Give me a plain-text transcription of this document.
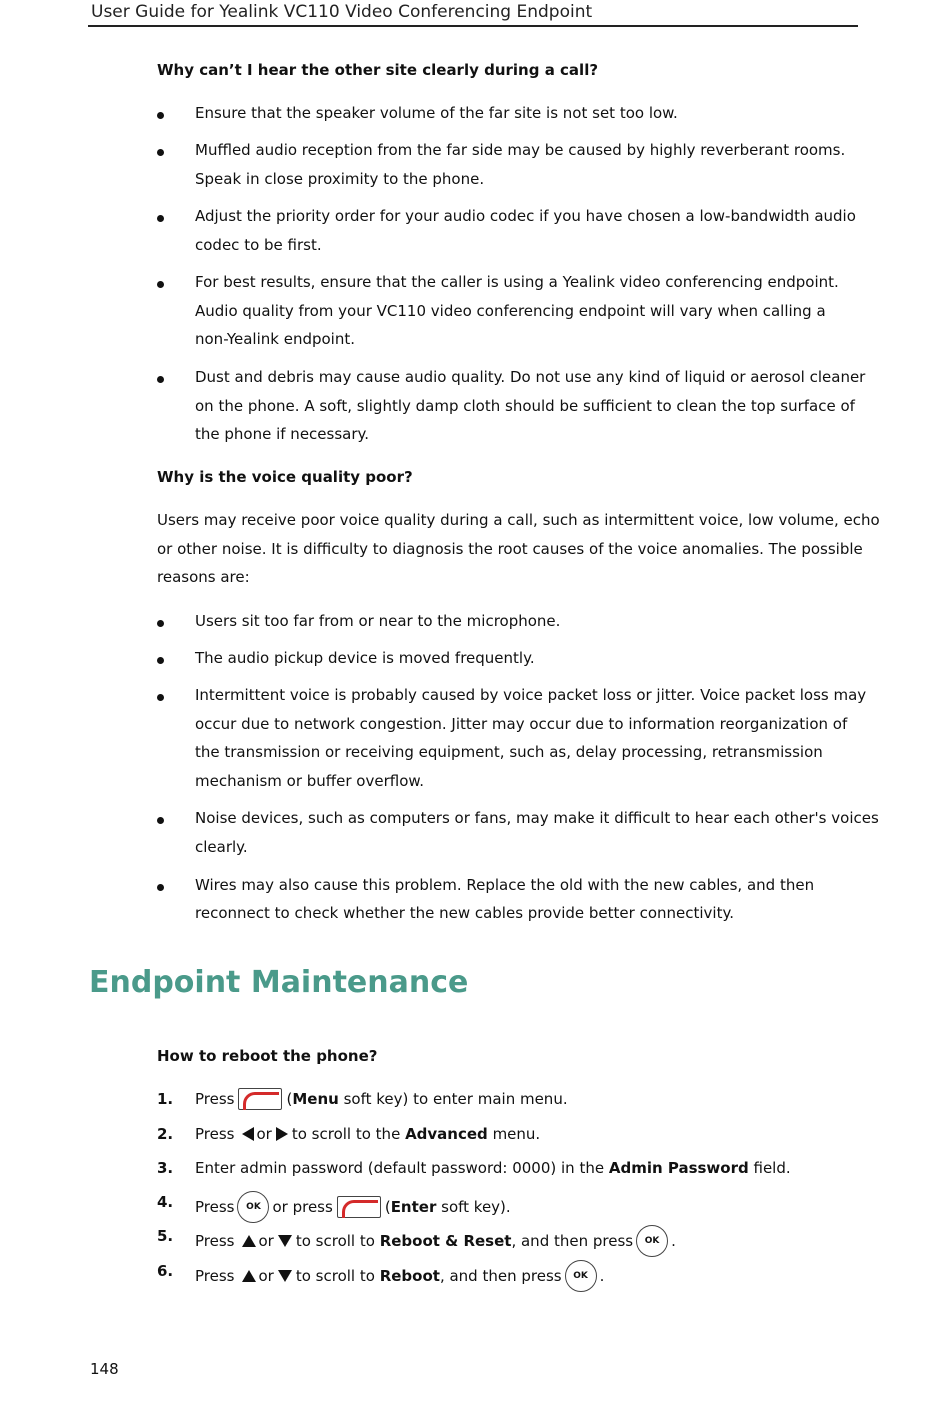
User Guide for Yealink VC110 Video Conferencing Endpoint
Why can’t I hear the other site clearly during a call?
Ensure that the speaker volume of the far site is not set too low.
Muffled audio reception from the far side may be caused by highly reverberant rooms.
Speak in close proximity to the phone.
Adjust the priority order for your audio codec if you have chosen a low-bandwidth audio
codec to be first.
For best results, ensure that the caller is using a Yealink video conferencing endpoint.
Audio quality from your VC110 video conferencing endpoint will vary when calling a
non-Yealink endpoint.
Dust and debris may cause audio quality. Do not use any kind of liquid or aerosol cleaner
on the phone. A soft, slightly damp cloth should be sufficient to clean the top surface of
the phone if necessary.
Why is the voice quality poor?
Users may receive poor voice quality during a call, such as intermittent voice, low volume, echo
or other noise. It is difficulty to diagnosis the root causes of the voice anomalies. The possible
reasons are:
Users sit too far from or near to the microphone.
The audio pickup device is moved frequently.
Intermittent voice is probably caused by voice packet loss or jitter. Voice packet loss may
occur due to network congestion. Jitter may occur due to information reorganization of
the transmission or receiving equipment, such as, delay processing, retransmission
mechanism or buffer overflow.
Noise devices, such as computers or fans, may make it difficult to hear each other's voices
clearly.
Wires may also cause this problem. Replace the old with the new cables, and then
reconnect to check whether the new cables provide better connectivity.
Endpoint Maintenance
How to reboot the phone?
1. Press	( Menu soft key) to enter main menu.
2. Press or to scroll to the Advanced menu.
3. Enter admin password (default password: 0000) in the Admin Password field.
4. Press	OK or press	( Enter soft key).
5. Press or to scroll to Reboot & Reset , and then press	OK .
6. Press or to scroll to Reboot , and then press	OK .
148
